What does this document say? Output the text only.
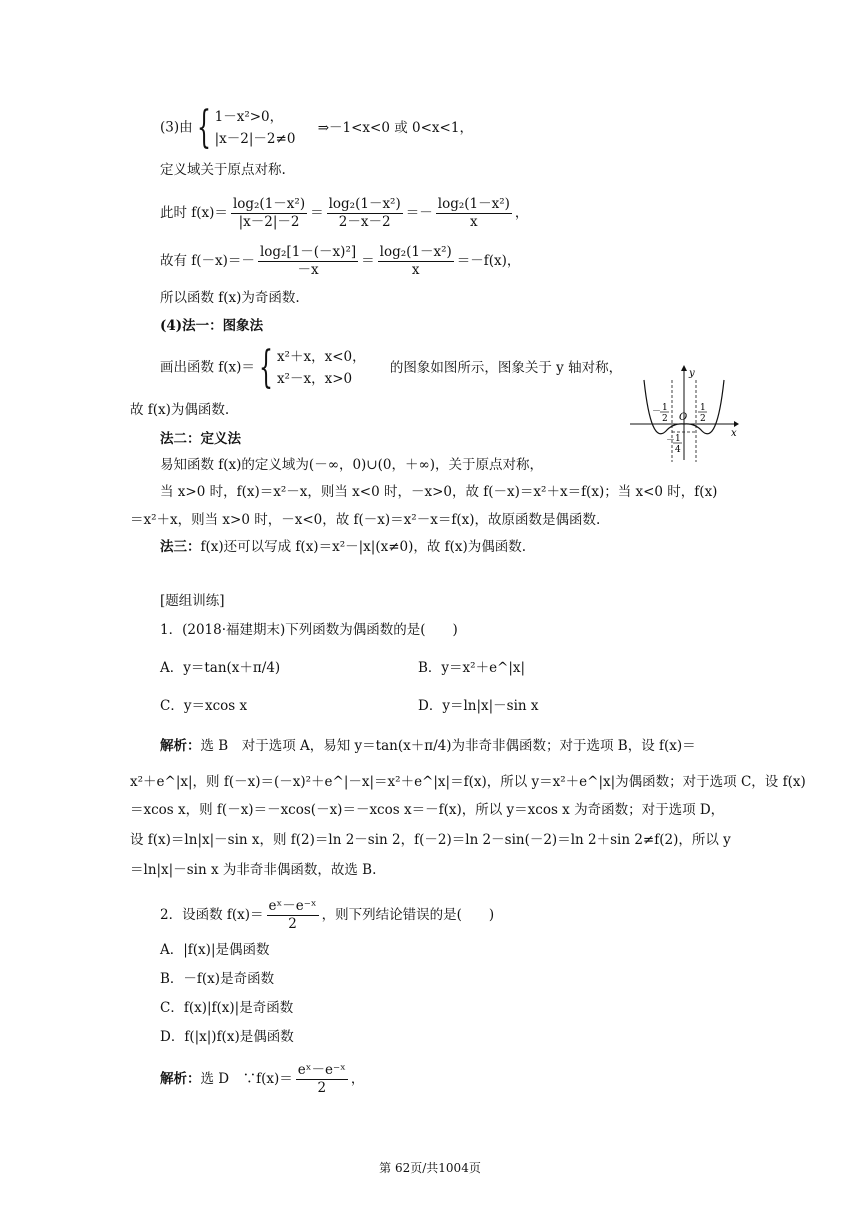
(3)由{ 1－x²>0，
|x－2|－2≠0
⇒－1<x<0 或 0<x<1，
定义域关于原点对称.
此时 $f(x)= \frac{\text{log₂(1－x²)}}{|x-2|-2} = \frac{\text{log₂(1－x²)}}{2-x-2} =- \frac{\text{log₂(1－x²)}}{x}$ ，
故有 $f(-x)=- \frac{\text{log₂[1－(－x)²]}}{-x} = \frac{\text{log₂(1－x²)}}{x} =-f(x)$，
所以函数 f(x)为奇函数.
(4)法一：图象法
画出函数 f(x)＝{ x²＋x，x<0，
x²－x，x>0
的图象如图所示，图象关于 y 轴对称，
故 f(x)为偶函数.
y
x
O
－ 1
2
1
2
－ 1
4
法二：定义法
易知函数 f(x)的定义域为(－∞，0)∪(0，＋∞)，关于原点对称，
当 x>0 时，f(x)＝x²－x，则当 x<0 时，－x>0，故 f(－x)＝x²＋x＝f(x)；当 x<0 时，f(x)
＝x²＋x，则当 x>0 时，－x<0，故 f(－x)＝x²－x＝f(x)，故原函数是偶函数.
法三：f(x)还可以写成 f(x)＝x²－|x|(x≠0)，故 f(x)为偶函数.
[题组训练]
1．(2018·福建期末)下列函数为偶函数的是(　　)
A．y＝tan(x＋π/4)	B．y＝x²＋e^|x|
C．y＝xcos x	D．y＝ln|x|－sin x
解析：选 B　对于选项 A，易知 y＝tan(x＋π/4)为非奇非偶函数；对于选项 B，设 f(x)＝
x²＋e^|x|，则 f(－x)＝(－x)²＋e^|－x|＝x²＋e^|x|＝f(x)，所以 y＝x²＋e^|x|为偶函数；对于选项 C，设 f(x)
＝xcos x，则 f(－x)＝－xcos(－x)＝－xcos x＝－f(x)，所以 y＝xcos x 为奇函数；对于选项 D，
设 f(x)＝ln|x|－sin x，则 f(2)＝ln 2－sin 2，f(－2)＝ln 2－sin(－2)＝ln 2＋sin 2≠f(2)，所以 y
＝ln|x|－sin x 为非奇非偶函数，故选 B.
2．设函数 $f(x)= \frac{\text{eˣ－e⁻ˣ}}{2}$ ，则下列结论错误的是(　　)
A．|f(x)|是偶函数
B．－f(x)是奇函数
C．f(x)|f(x)|是奇函数
D．f(|x|)f(x)是偶函数
解析：选 D　∵f(x)＝ $\frac{\text{eˣ－e⁻ˣ}}{2}$ ，
第 62页/共1004页
